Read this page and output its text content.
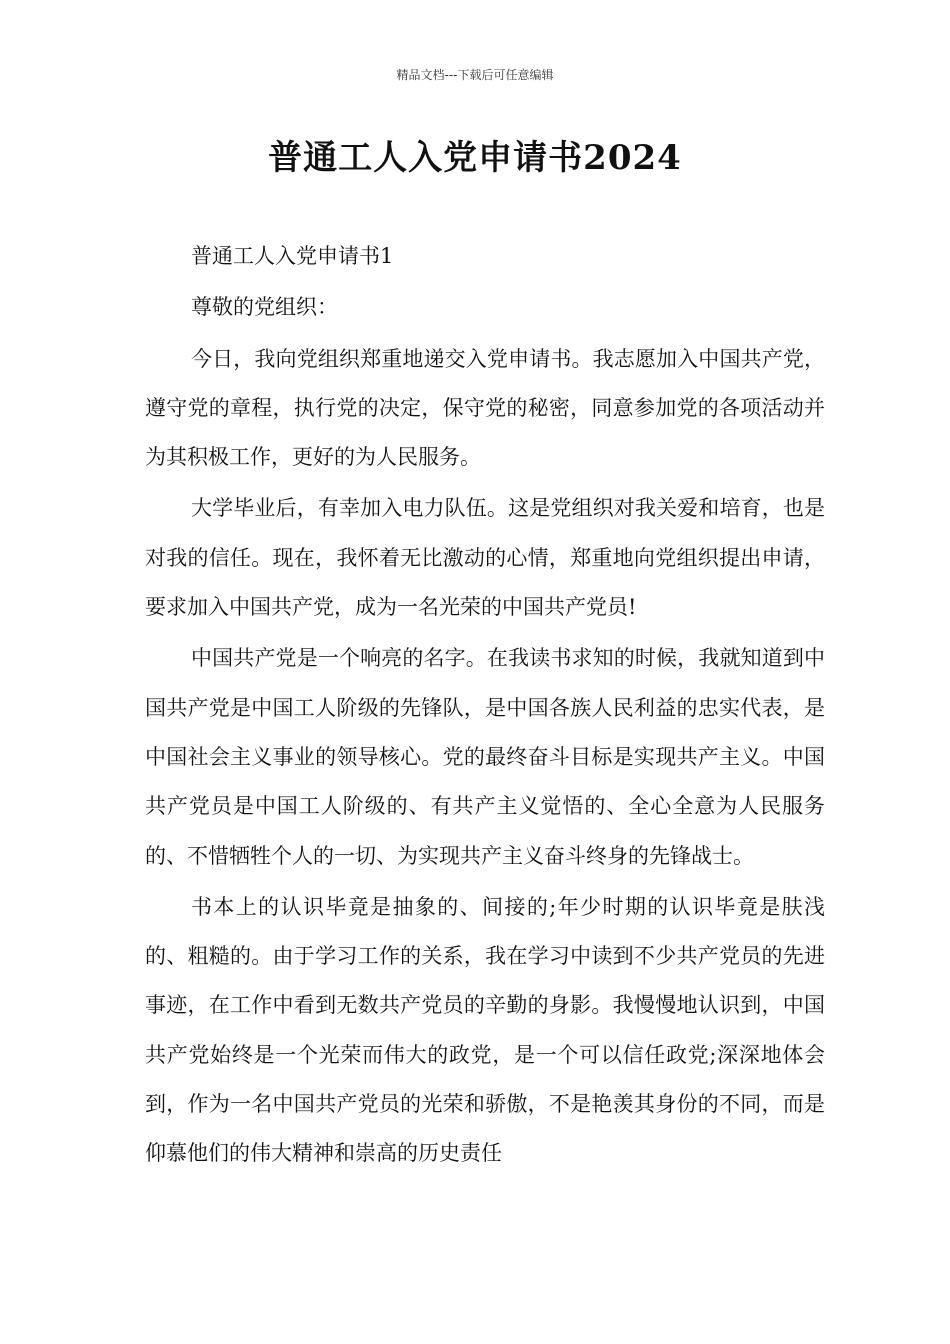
精品文档---下载后可任意编辑
普通工人入党申请书2024

普通工人入党申请书1

尊敬的党组织：

今日，我向党组织郑重地递交入党申请书。我志愿加入中国共产党，遵守党的章程，执行党的决定，保守党的秘密，同意参加党的各项活动并为其积极工作，更好的为人民服务。

大学毕业后，有幸加入电力队伍。这是党组织对我关爱和培育，也是对我的信任。现在，我怀着无比激动的心情，郑重地向党组织提出申请，要求加入中国共产党，成为一名光荣的中国共产党员!

中国共产党是一个响亮的名字。在我读书求知的时候，我就知道到中国共产党是中国工人阶级的先锋队，是中国各族人民利益的忠实代表，是中国社会主义事业的领导核心。党的最终奋斗目标是实现共产主义。中国共产党员是中国工人阶级的、有共产主义觉悟的、全心全意为人民服务的、不惜牺牲个人的一切、为实现共产主义奋斗终身的先锋战士。

书本上的认识毕竟是抽象的、间接的;年少时期的认识毕竟是肤浅的、粗糙的。由于学习工作的关系，我在学习中读到不少共产党员的先进事迹，在工作中看到无数共产党员的辛勤的身影。我慢慢地认识到，中国共产党始终是一个光荣而伟大的政党，是一个可以信任政党;深深地体会到，作为一名中国共产党员的光荣和骄傲，不是艳羡其身份的不同，而是仰慕他们的伟大精神和崇高的历史责任
